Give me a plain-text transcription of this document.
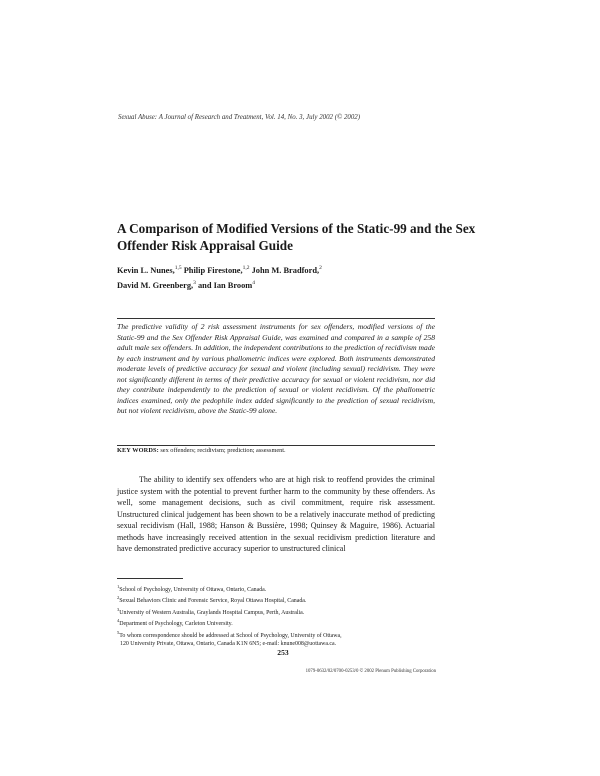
Sexual Abuse: A Journal of Research and Treatment, Vol. 14, No. 3, July 2002 (© 2002)
A Comparison of Modified Versions of the Static-99 and the Sex Offender Risk Appraisal Guide
Kevin L. Nunes,$^{1,5}$ Philip Firestone,$^{1,2}$ John M. Bradford,$^2$
David M. Greenberg,$^3$ and Ian Broom$^4$
The predictive validity of 2 risk assessment instruments for sex offenders, modified versions of the Static-99 and the Sex Offender Risk Appraisal Guide, was examined and compared in a sample of 258 adult male sex offenders. In addition, the independent contributions to the prediction of recidivism made by each instrument and by various phallometric indices were explored. Both instruments demonstrated moderate levels of predictive accuracy for sexual and violent (including sexual) recidivism. They were not significantly different in terms of their predictive accuracy for sexual or violent recidivism, nor did they contribute independently to the prediction of sexual or violent recidivism. Of the phallometric indices examined, only the pedophile index added significantly to the prediction of sexual recidivism, but not violent recidivism, above the Static-99 alone.
KEY WORDS: sex offenders; recidivism; prediction; assessment.

The ability to identify sex offenders who are at high risk to reoffend provides the criminal justice system with the potential to prevent further harm to the community by these offenders. As well, some management decisions, such as civil commitment, require risk assessment. Unstructured clinical judgement has been shown to be a relatively inaccurate method of predicting sexual recidivism (Hall, 1988; Hanson & Bussière, 1998; Quinsey & Maguire, 1986). Actuarial methods have increasingly received attention in the sexual recidivism prediction literature and have demonstrated predictive accuracy superior to unstructured clinical

$^1$School of Psychology, University of Ottawa, Ontario, Canada.
$^2$Sexual Behaviors Clinic and Forensic Service, Royal Ottawa Hospital, Canada.
$^3$University of Western Australia, Graylands Hospital Campus, Perth, Australia.
$^4$Department of Psychology, Carleton University.
$^5$To whom correspondence should be addressed at School of Psychology, University of Ottawa,
120 University Private, Ottawa, Ontario, Canada K1N 6N5; e-mail: knune008@uottawa.ca.
253
1079-0632/02/0700-0253/0 © 2002 Plenum Publishing Corporation
